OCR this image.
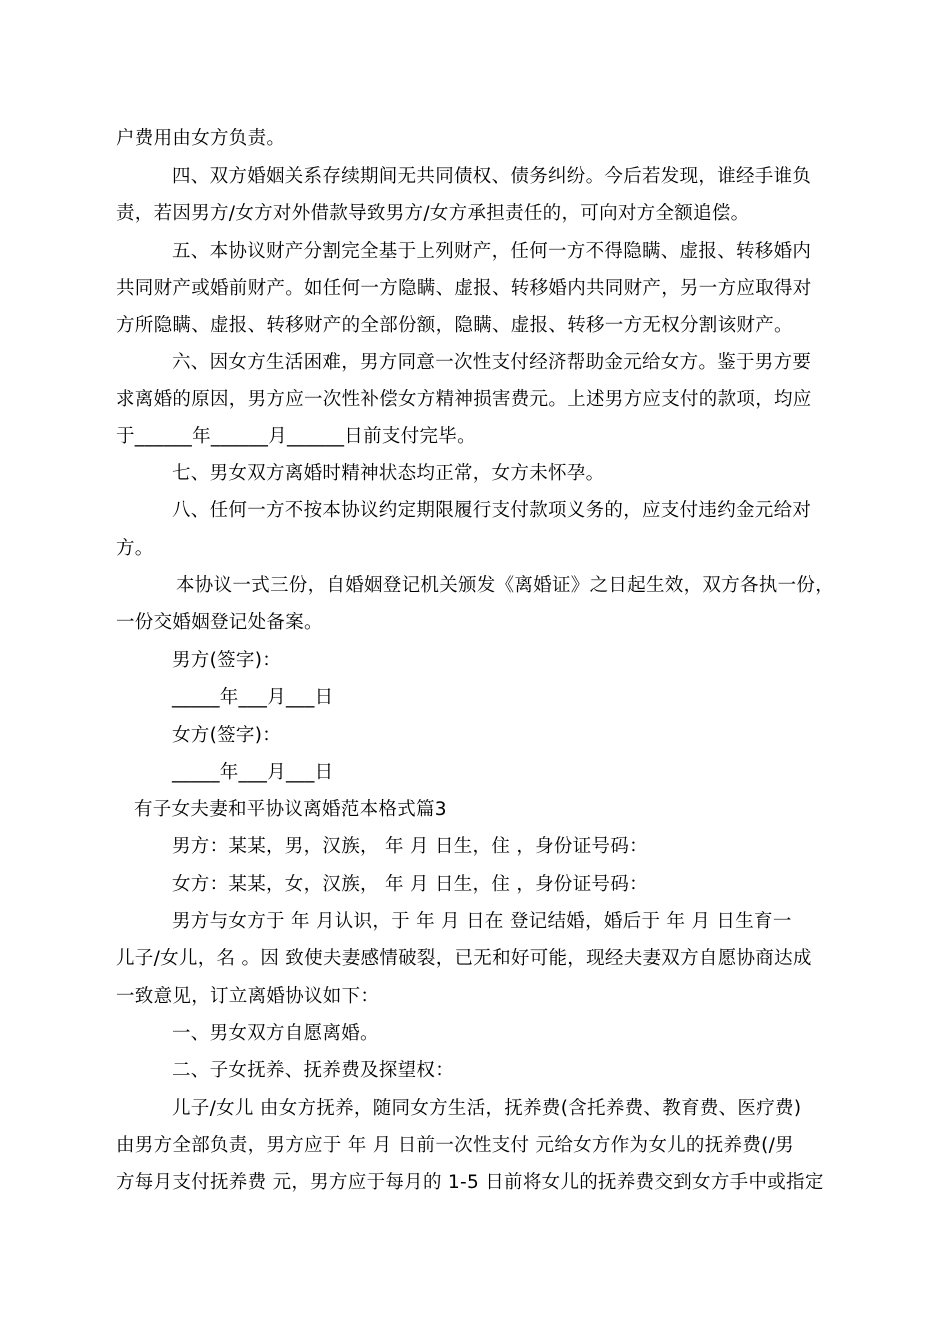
户费用由女方负责。
四、双方婚姻关系存续期间无共同债权、债务纠纷。今后若发现，谁经手谁负
责，若因男方/女方对外借款导致男方/女方承担责任的，可向对方全额追偿。
五、本协议财产分割完全基于上列财产，任何一方不得隐瞒、虚报、转移婚内
共同财产或婚前财产。如任何一方隐瞒、虚报、转移婚内共同财产，另一方应取得对
方所隐瞒、虚报、转移财产的全部份额，隐瞒、虚报、转移一方无权分割该财产。
六、因女方生活困难，男方同意一次性支付经济帮助金元给女方。鉴于男方要
求离婚的原因，男方应一次性补偿女方精神损害费元。上述男方应支付的款项，均应
于______年______月______日前支付完毕。
七、男女双方离婚时精神状态均正常，女方未怀孕。
八、任何一方不按本协议约定期限履行支付款项义务的，应支付违约金元给对
方。
本协议一式三份，自婚姻登记机关颁发《离婚证》之日起生效，双方各执一份，
一份交婚姻登记处备案。
男方(签字)：
_____年___月___日
女方(签字)：
_____年___月___日
有子女夫妻和平协议离婚范本格式篇3
男方：某某，男，汉族， 年 月 日生，住 ，身份证号码：
女方：某某，女，汉族， 年 月 日生，住 ，身份证号码：
男方与女方于 年 月认识，于 年 月 日在 登记结婚，婚后于 年 月 日生育一
儿子/女儿，名 。因 致使夫妻感情破裂，已无和好可能，现经夫妻双方自愿协商达成
一致意见，订立离婚协议如下：
一、男女双方自愿离婚。
二、子女抚养、抚养费及探望权：
儿子/女儿 由女方抚养，随同女方生活，抚养费(含托养费、教育费、医疗费)
由男方全部负责，男方应于 年 月 日前一次性支付 元给女方作为女儿的抚养费(/男
方每月支付抚养费 元，男方应于每月的 1-5 日前将女儿的抚养费交到女方手中或指定
